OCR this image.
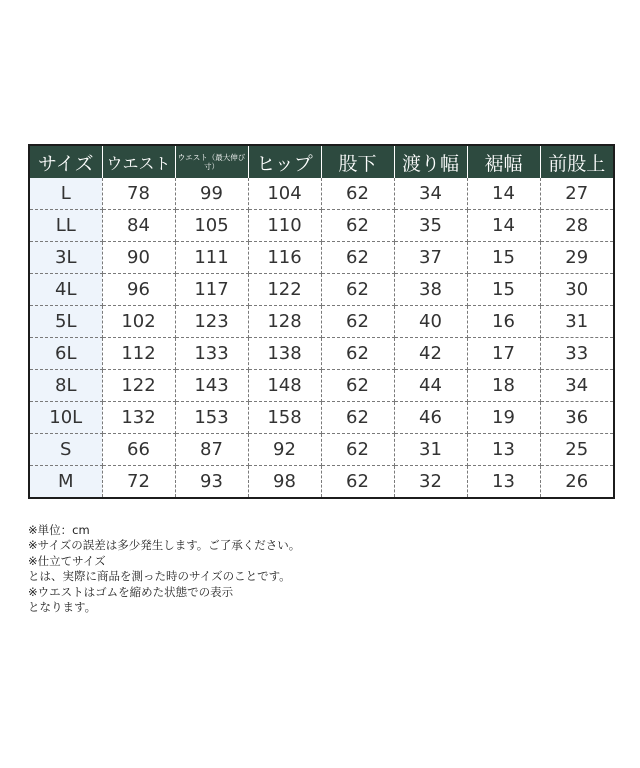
サイズ	ウエスト	ウエスト（最大伸び寸）	ヒップ	股下	渡り幅	裾幅	前股上
L	78	99	104	62	34	14	27
LL	84	105	110	62	35	14	28
3L	90	111	116	62	37	15	29
4L	96	117	122	62	38	15	30
5L	102	123	128	62	40	16	31
6L	112	133	138	62	42	17	33
8L	122	143	148	62	44	18	34
10L	132	153	158	62	46	19	36
S	66	87	92	62	31	13	25
M	72	93	98	62	32	13	26
※単位：cm
※サイズの誤差は多少発生します。ご了承ください。
※仕立てサイズ
とは、実際に商品を測った時のサイズのことです。
※ウエストはゴムを縮めた状態での表示
となります。
